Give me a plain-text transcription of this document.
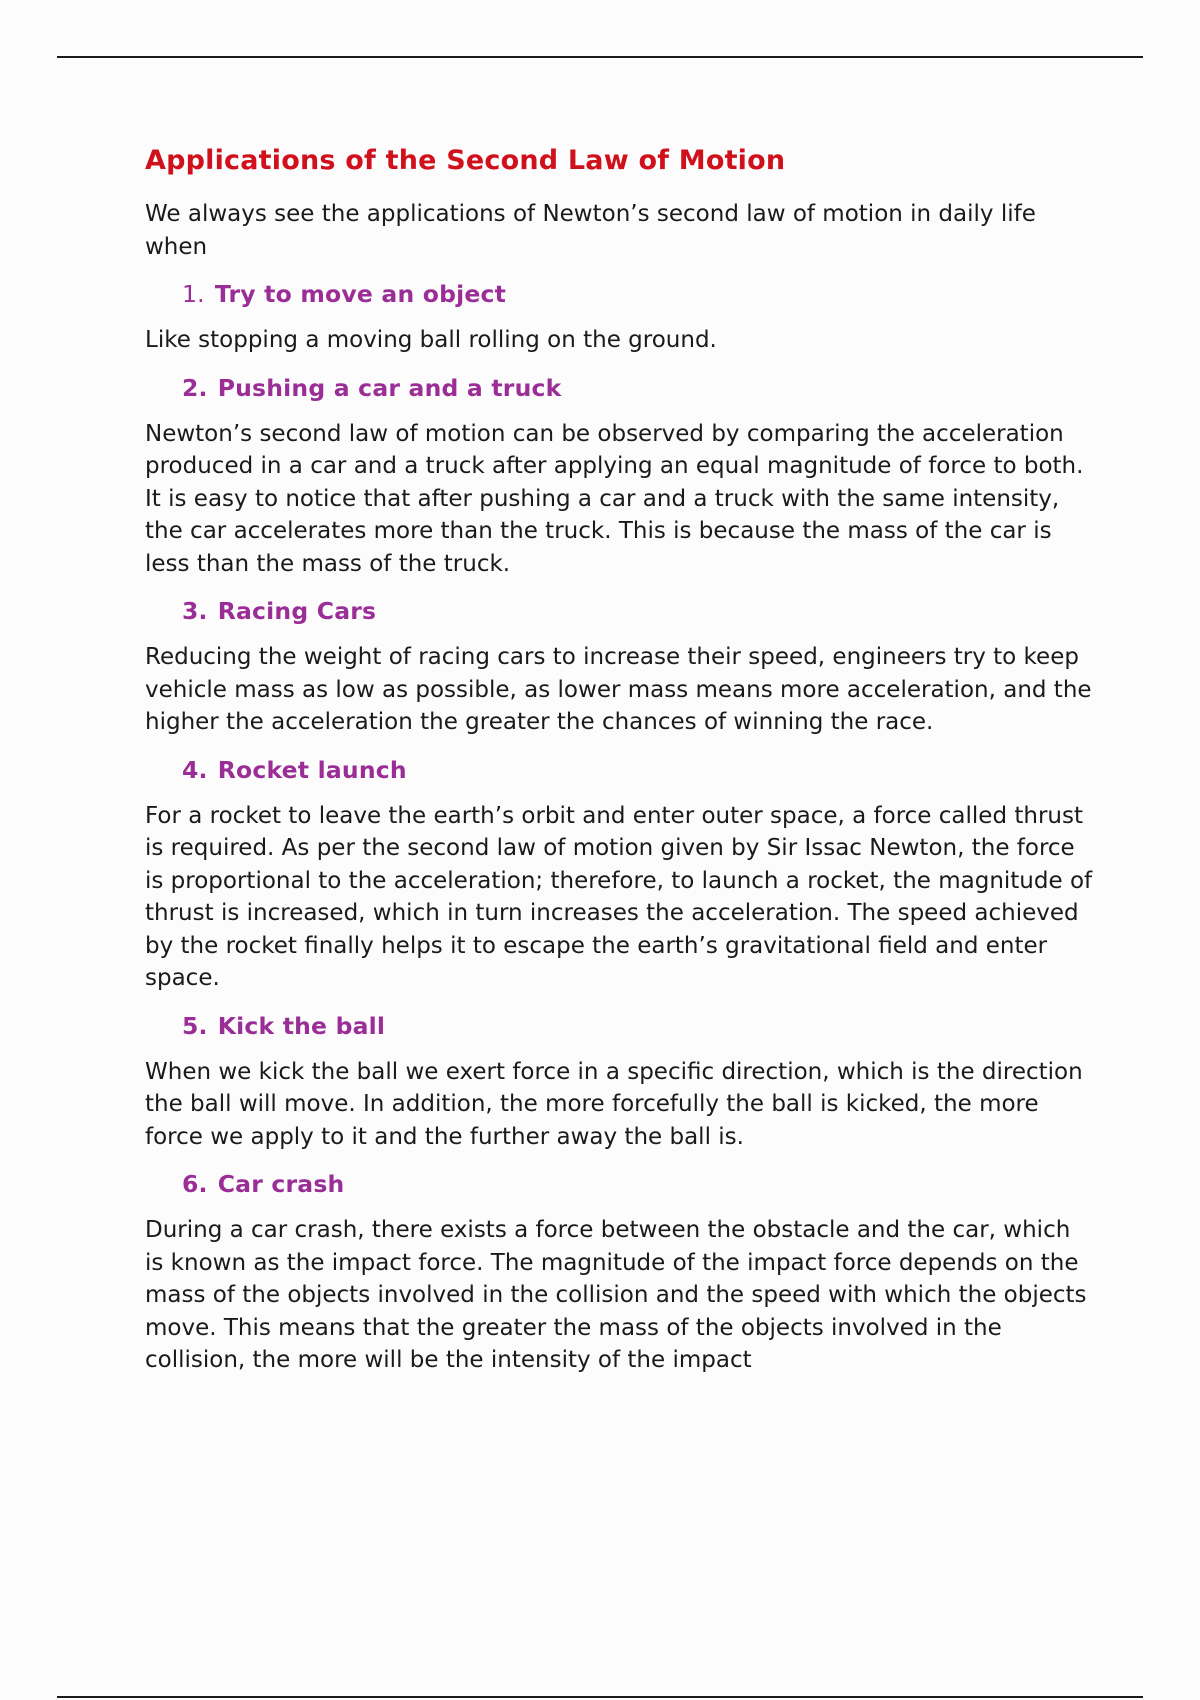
Applications of the Second Law of Motion

We always see the applications of Newton’s second law of motion in daily life when

1. Try to move an object

Like stopping a moving ball rolling on the ground.

2. Pushing a car and a truck

Newton’s second law of motion can be observed by comparing the acceleration produced in a car and a truck after applying an equal magnitude of force to both. It is easy to notice that after pushing a car and a truck with the same intensity, the car accelerates more than the truck. This is because the mass of the car is less than the mass of the truck.

3. Racing Cars

Reducing the weight of racing cars to increase their speed, engineers try to keep vehicle mass as low as possible, as lower mass means more acceleration, and the higher the acceleration the greater the chances of winning the race.

4. Rocket launch

For a rocket to leave the earth’s orbit and enter outer space, a force called thrust is required. As per the second law of motion given by Sir Issac Newton, the force is proportional to the acceleration; therefore, to launch a rocket, the magnitude of thrust is increased, which in turn increases the acceleration. The speed achieved by the rocket finally helps it to escape the earth’s gravitational field and enter space.

5. Kick the ball

When we kick the ball we exert force in a specific direction, which is the direction the ball will move. In addition, the more forcefully the ball is kicked, the more force we apply to it and the further away the ball is.

6. Car crash

During a car crash, there exists a force between the obstacle and the car, which is known as the impact force. The magnitude of the impact force depends on the mass of the objects involved in the collision and the speed with which the objects move. This means that the greater the mass of the objects involved in the collision, the more will be the intensity of the impact
